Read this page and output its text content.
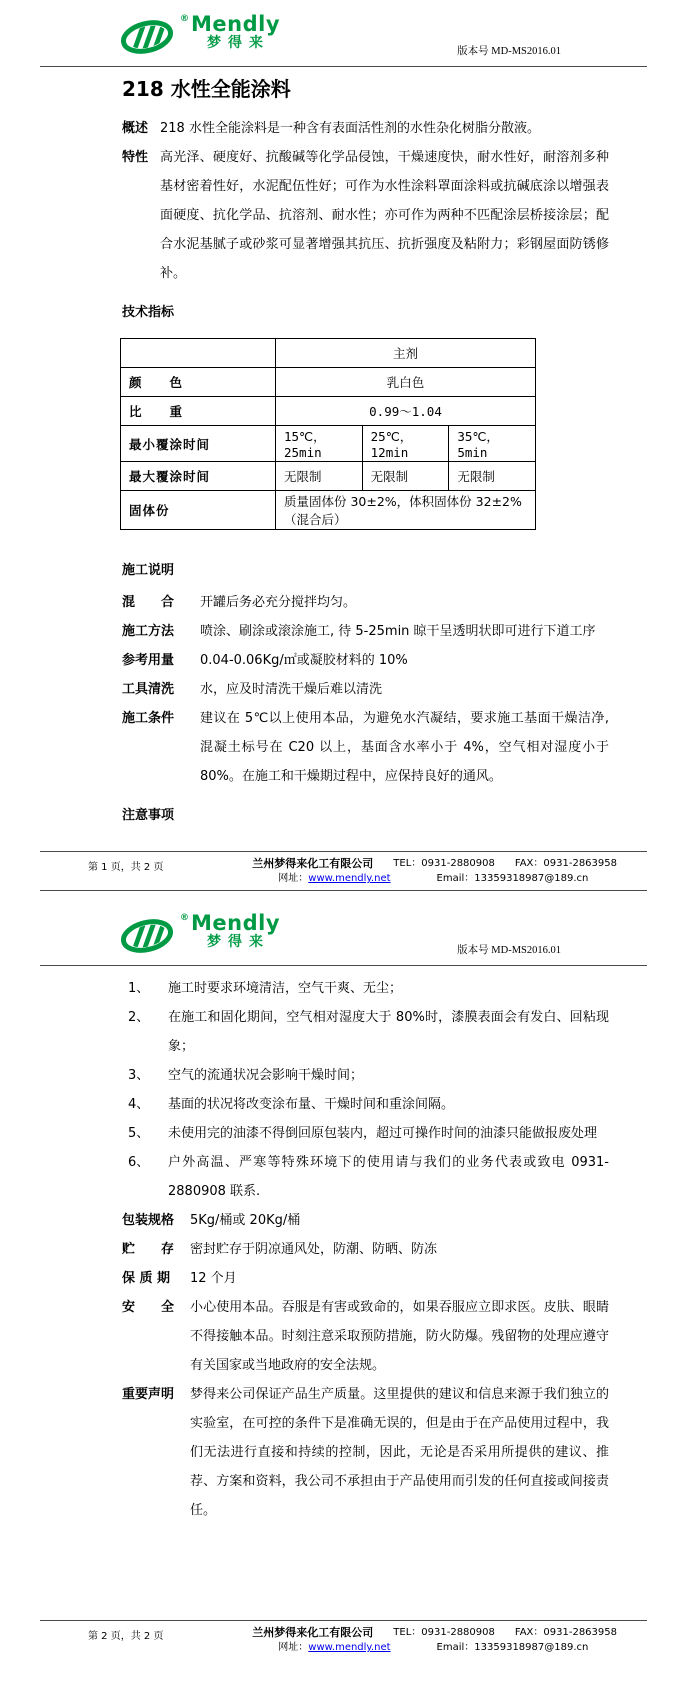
® Mendly
梦得来
版本号 MD-MS2016.01
218 水性全能涂料
概述 218 水性全能涂料是一种含有表面活性剂的水性杂化树脂分散液。
特性 高光泽、硬度好、抗酸碱等化学品侵蚀，干燥速度快，耐水性好，耐溶剂多种基材密着性好，水泥配伍性好；可作为水性涂料罩面涂料或抗碱底涂以增强表面硬度、抗化学品、抗溶剂、耐水性；亦可作为两种不匹配涂层桥接涂层；配合水泥基腻子或砂浆可显著增强其抗压、抗折强度及粘附力；彩钢屋面防锈修补。
技术指标
	主剂		
颜　　色	乳白色		
比　　重	0.99～1.04		
最小覆涂时间	15℃，25min	25℃，12min	35℃，5min
最大覆涂时间	无限制	无限制	无限制
固体份	质量固体份 30±2%，体积固体份 32±2%（混合后）		
施工说明
混　　合	开罐后务必充分搅拌均匀。
施工方法	喷涂、刷涂或滚涂施工, 待 5-25min 晾干呈透明状即可进行下道工序
参考用量	0.04-0.06Kg/㎡或凝胶材料的 10%
工具清洗	水，应及时清洗干燥后难以清洗
施工条件	建议在 5℃以上使用本品，为避免水汽凝结，要求施工基面干燥洁净, 混凝土标号在 C20 以上，基面含水率小于 4%，空气相对湿度小于 80%。在施工和干燥期过程中，应保持良好的通风。
注意事项
第 1 页，共 2 页	兰州梦得来化工有限公司 TEL：0931-2880908 FAX：0931-2863958
网址：www.mendly.net	Email：13359318987@189.cn
® Mendly
梦得来
版本号 MD-MS2016.01
1、	施工时要求环境清洁，空气干爽、无尘；
2、	在施工和固化期间，空气相对湿度大于 80%时，漆膜表面会有发白、回粘现象；
3、	空气的流通状况会影响干燥时间；
4、	基面的状况将改变涂布量、干燥时间和重涂间隔。
5、	未使用完的油漆不得倒回原包装内，超过可操作时间的油漆只能做报废处理
6、	户外高温、严寒等特殊环境下的使用请与我们的业务代表或致电 0931-2880908 联系.
包装规格	5Kg/桶或 20Kg/桶
贮　　存	密封贮存于阴凉通风处，防潮、防晒、防冻
保 质 期	12 个月
安　　全	小心使用本品。吞服是有害或致命的，如果吞服应立即求医。皮肤、眼睛不得接触本品。时刻注意采取预防措施，防火防爆。残留物的处理应遵守有关国家或当地政府的安全法规。
重要声明	梦得来公司保证产品生产质量。这里提供的建议和信息来源于我们独立的实验室，在可控的条件下是准确无误的，但是由于在产品使用过程中，我们无法进行直接和持续的控制，因此，无论是否采用所提供的建议、推荐、方案和资料，我公司不承担由于产品使用而引发的任何直接或间接责任。
第 2 页，共 2 页	兰州梦得来化工有限公司 TEL：0931-2880908 FAX：0931-2863958
网址：www.mendly.net	Email：13359318987@189.cn
